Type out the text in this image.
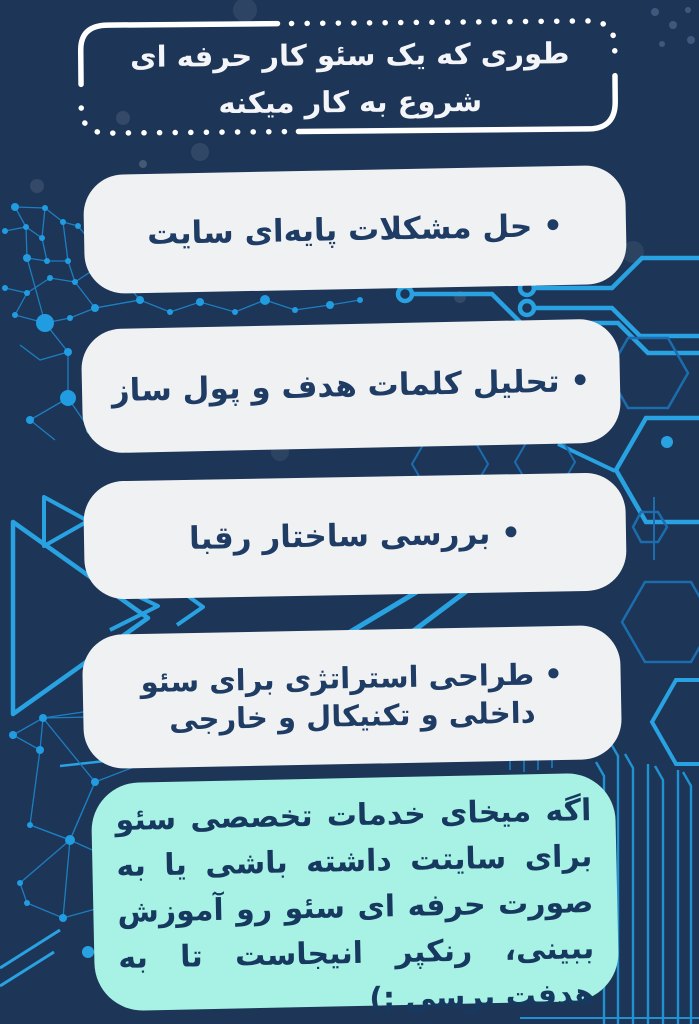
طوری که یک سئو کار حرفه ای
شروع به کار میکنه
• حل مشکلات پایه‌ای سایت
• تحلیل کلمات هدف و پول ساز
• بررسی ساختار رقبا
• طراحی استراتژی برای سئو داخلی و تکنیکال و خارجی

اگه میخای خدمات تخصصی سئو برای سایتت داشته باشی یا به صورت حرفه ای سئو رو آموزش ببینی، رنکپر انیجاست تا به هدفت برسی ;)
